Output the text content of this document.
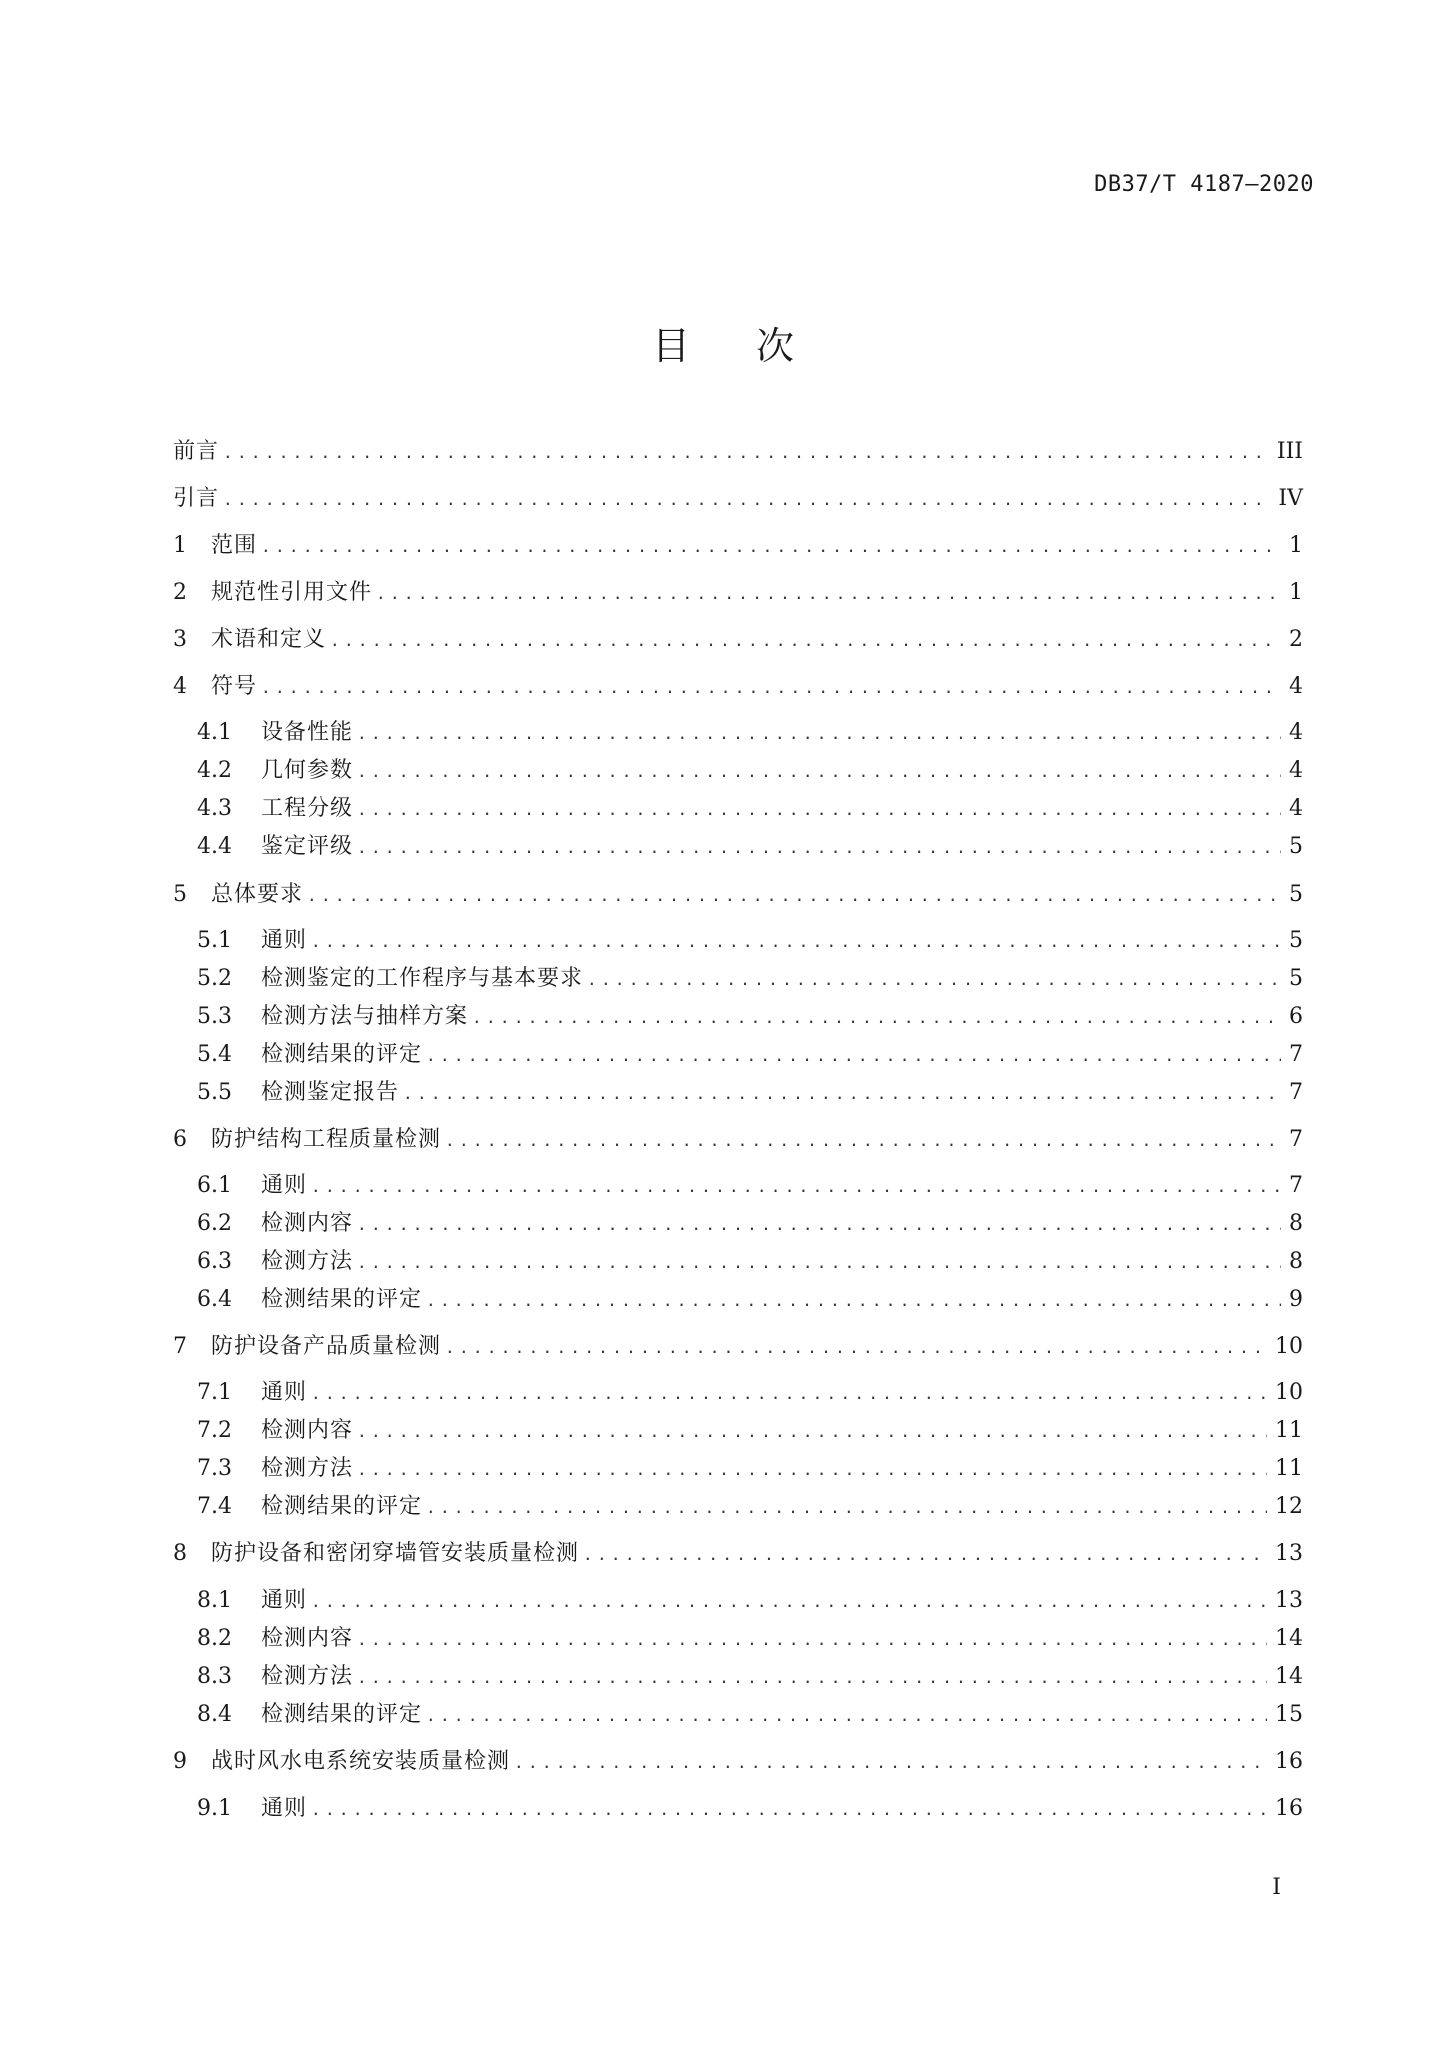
DB37/T 4187—2020
目 次
前言 .....	III
引言 .....	IV
1	范围 .....	1
2	规范性引用文件 .....	1
3	术语和定义 .....	2
4	符号 .....	4
4.1	设备性能 .....	4
4.2	几何参数 .....	4
4.3	工程分级 .....	4
4.4	鉴定评级 .....	5
5	总体要求 .....	5
5.1	通则 .....	5
5.2	检测鉴定的工作程序与基本要求 .....	5
5.3	检测方法与抽样方案 .....	6
5.4	检测结果的评定 .....	7
5.5	检测鉴定报告 .....	7
6	防护结构工程质量检测 .....	7
6.1	通则 .....	7
6.2	检测内容 .....	8
6.3	检测方法 .....	8
6.4	检测结果的评定 .....	9
7	防护设备产品质量检测 .....	10
7.1	通则 .....	10
7.2	检测内容 .....	11
7.3	检测方法 .....	11
7.4	检测结果的评定 .....	12
8	防护设备和密闭穿墙管安装质量检测 .....	13
8.1	通则 .....	13
8.2	检测内容 .....	14
8.3	检测方法 .....	14
8.4	检测结果的评定 .....	15
9	战时风水电系统安装质量检测 .....	16
9.1	通则 .....	16
I
